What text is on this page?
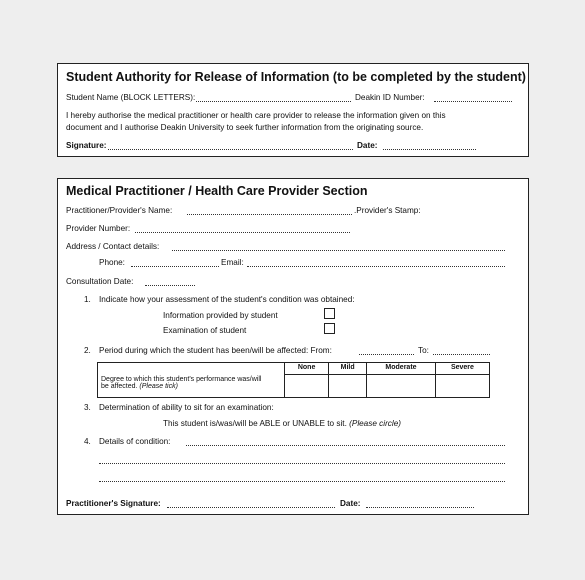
Student Authority for Release of Information (to be completed by the student)
Student Name (BLOCK LETTERS):	Deakin ID Number:
I hereby authorise the medical practitioner or health care provider to release the information given on this
document and I authorise Deakin University to seek further information from the originating source.
Signature:	Date:
Medical Practitioner / Health Care Provider Section
Practitioner/Provider's Name:	.Provider's Stamp:
Provider Number:
Address / Contact details:
Phone:	Email:
Consultation Date:
1. Indicate how your assessment of the student's condition was obtained:
Information provided by student
Examination of student
2. Period during which the student has been/will be affected: From:	To:
	None	Mild	Moderate	Severe
Degree to which this student's performance was/will
be affected. (Please tick)				
3. Determination of ability to sit for an examination:
This student is/was/will be ABLE or UNABLE to sit. (Please circle)
4. Details of condition:
Practitioner's Signature:	Date:
